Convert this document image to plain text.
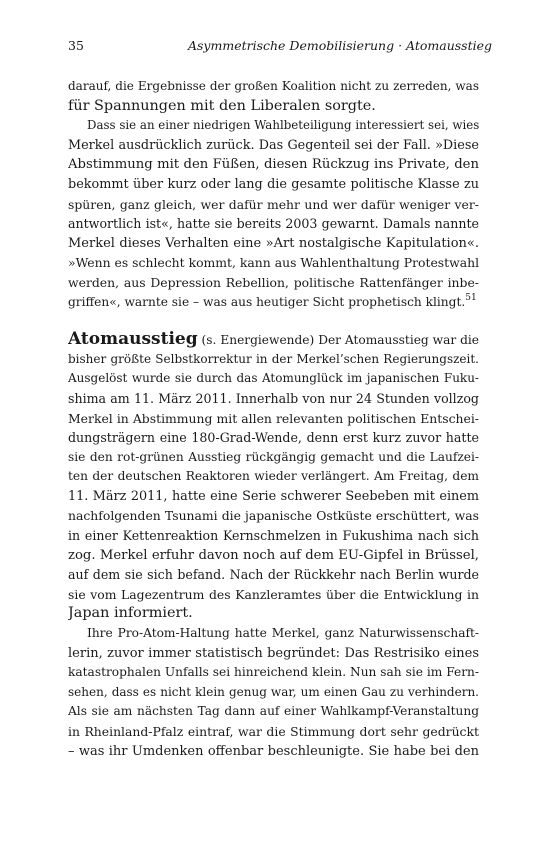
35	Asymmetrische Demobilisierung · Atomausstieg
darauf, die Ergebnisse der großen Koalition nicht zu zerreden, was
für Spannungen mit den Liberalen sorgte.
Dass sie an einer niedrigen Wahlbeteiligung interessiert sei, wies
Merkel ausdrücklich zurück. Das Gegenteil sei der Fall. »Diese
Abstimmung mit den Füßen, diesen Rückzug ins Private, den
bekommt über kurz oder lang die gesamte politische Klasse zu
spüren, ganz gleich, wer dafür mehr und wer dafür weniger ver-
antwortlich ist«, hatte sie bereits 2003 gewarnt. Damals nannte
Merkel dieses Verhalten eine »Art nostalgische Kapitulation«.
»Wenn es schlecht kommt, kann aus Wahlenthaltung Protestwahl
werden, aus Depression Rebellion, politische Rattenfänger inbe-
griffen«, warnte sie – was aus heutiger Sicht prophetisch klingt.$^{51}$
Atomausstieg (s. Energiewende) Der Atomausstieg war die
bisher größte Selbstkorrektur in der Merkel’schen Regierungszeit.
Ausgelöst wurde sie durch das Atomunglück im japanischen Fuku-
shima am 11. März 2011. Innerhalb von nur 24 Stunden vollzog
Merkel in Abstimmung mit allen relevanten politischen Entschei-
dungsträgern eine 180-Grad-Wende, denn erst kurz zuvor hatte
sie den rot-grünen Ausstieg rückgängig gemacht und die Laufzei-
ten der deutschen Reaktoren wieder verlängert. Am Freitag, dem
11. März 2011, hatte eine Serie schwerer Seebeben mit einem
nachfolgenden Tsunami die japanische Ostküste erschüttert, was
in einer Kettenreaktion Kernschmelzen in Fukushima nach sich
zog. Merkel erfuhr davon noch auf dem EU-Gipfel in Brüssel,
auf dem sie sich befand. Nach der Rückkehr nach Berlin wurde
sie vom Lagezentrum des Kanzleramtes über die Entwicklung in
Japan informiert.
Ihre Pro-Atom-Haltung hatte Merkel, ganz Naturwissenschaft-
lerin, zuvor immer statistisch begründet: Das Restrisiko eines
katastrophalen Unfalls sei hinreichend klein. Nun sah sie im Fern-
sehen, dass es nicht klein genug war, um einen Gau zu verhindern.
Als sie am nächsten Tag dann auf einer Wahlkampf-Veranstaltung
in Rheinland-Pfalz eintraf, war die Stimmung dort sehr gedrückt
– was ihr Umdenken offenbar beschleunigte. Sie habe bei den
